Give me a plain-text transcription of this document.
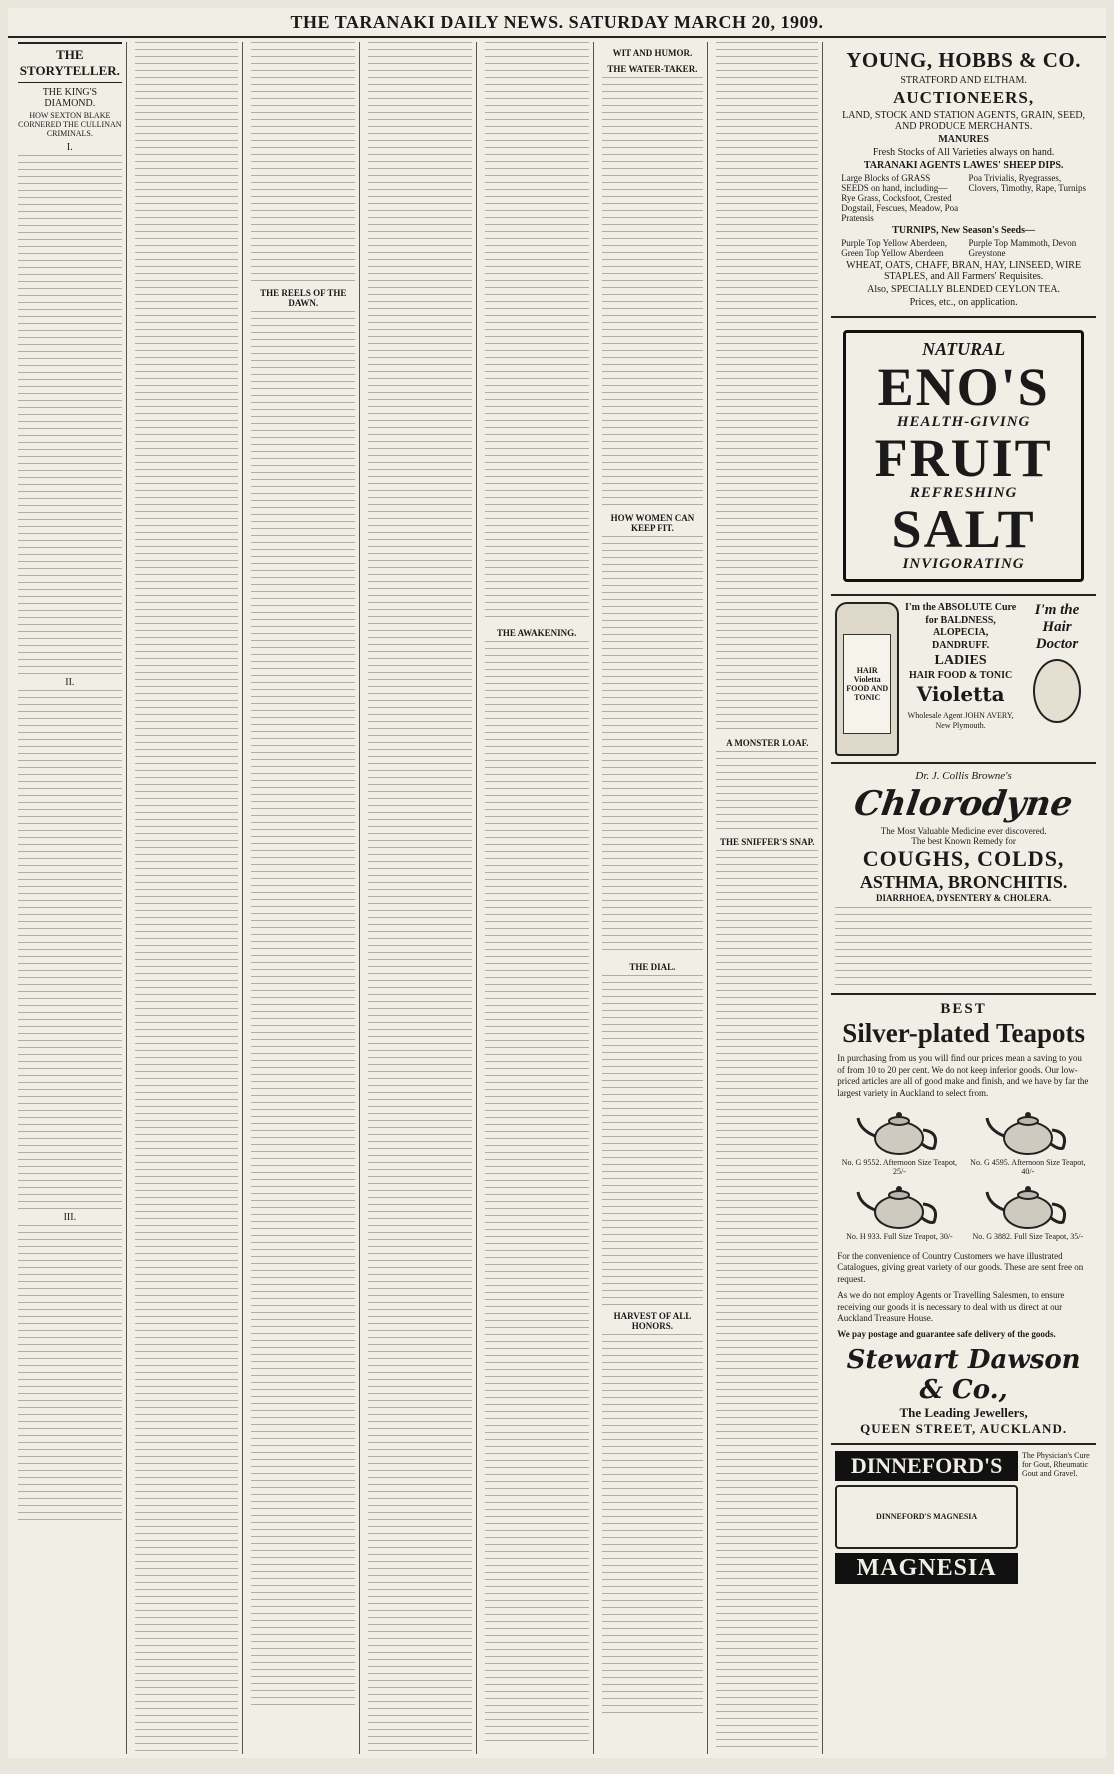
THE TARANAKI DAILY NEWS. SATURDAY MARCH 20, 1909.
THE STORYTELLER.
THE KING'S DIAMOND.
HOW SEXTON BLAKE CORNERED THE CULLINAN CRIMINALS.
I.
II.
III.
THE REELS OF THE DAWN.
THE AWAKENING.
WIT AND HUMOR.
THE WATER-TAKER.
HOW WOMEN CAN KEEP FIT.
THE DIAL.
HARVEST OF ALL HONORS.
A MONSTER LOAF.
THE SNIFFER'S SNAP.
YOUNG, HOBBS & CO.
STRATFORD AND ELTHAM.
AUCTIONEERS,
LAND, STOCK AND STATION AGENTS, GRAIN, SEED, AND PRODUCE MERCHANTS.
MANURES
Fresh Stocks of All Varieties always on hand.
TARANAKI AGENTS LAWES' SHEEP DIPS.
Large Blocks of GRASS SEEDS on hand, including— Rye Grass, Cocksfoot, Crested Dogstail, Fescues, Meadow, Poa Pratensis
Poa Trivialis, Ryegrasses, Clovers, Timothy, Rape, Turnips
TURNIPS, New Season's Seeds—
Purple Top Yellow Aberdeen, Green Top Yellow Aberdeen
Purple Top Mammoth, Devon Greystone
WHEAT, OATS, CHAFF, BRAN, HAY, LINSEED, WIRE STAPLES, and All Farmers' Requisites.
Also, SPECIALLY BLENDED CEYLON TEA.
Prices, etc., on application.
NATURAL
ENO'S
HEALTH-GIVING
FRUIT
REFRESHING
SALT
INVIGORATING
HAIR Violetta FOOD AND TONIC
I'm the ABSOLUTE Cure for BALDNESS, ALOPECIA, DANDRUFF.
LADIES
HAIR FOOD & TONIC
Violetta
Wholesale Agent JOHN AVERY, New Plymouth.
I'm the Hair Doctor
Dr. J. Collis Browne's
Chlorodyne
The Most Valuable Medicine ever discovered.
The best Known Remedy for
COUGHS, COLDS,
ASTHMA, BRONCHITIS.
DIARRHOEA, DYSENTERY & CHOLERA.
BEST
Silver-plated Teapots
In purchasing from us you will find our prices mean a saving to you of from 10 to 20 per cent. We do not keep inferior goods. Our low-priced articles are all of good make and finish, and we have by far the largest variety in Auckland to select from.
No. G 9552. Afternoon Size Teapot, 25/-
No. G 4595. Afternoon Size Teapot, 40/-
No. H 933. Full Size Teapot, 30/-	No. G 3882. Full Size Teapot, 35/-
For the convenience of Country Customers we have illustrated Catalogues, giving great variety of our goods. These are sent free on request.
As we do not employ Agents or Travelling Salesmen, to ensure receiving our goods it is necessary to deal with us direct at our Auckland Treasure House.
We pay postage and guarantee safe delivery of the goods.
Stewart Dawson & Co.,
The Leading Jewellers,
QUEEN STREET, AUCKLAND.
DINNEFORD'S
DINNEFORD'S MAGNESIA
MAGNESIA
The Physician's Cure for Gout, Rheumatic Gout and Gravel.
